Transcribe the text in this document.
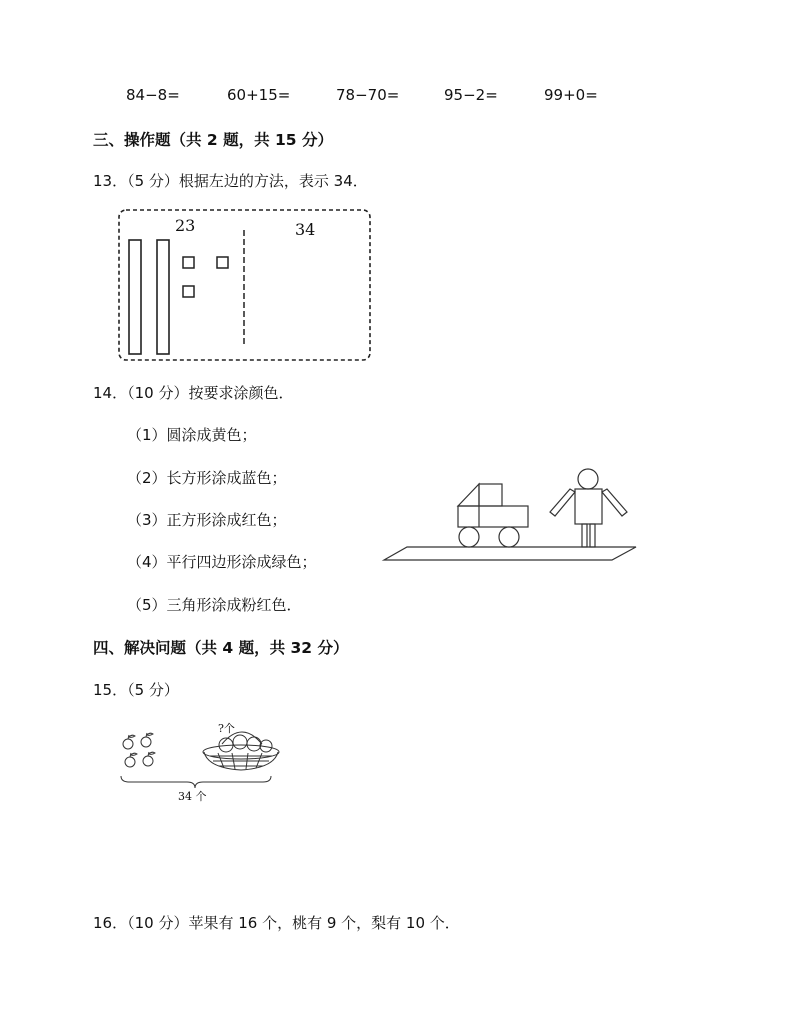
84−8=	60+15=	78−70=	95−2=	99+0=
三、操作题（共 2 题，共 15 分）
13．（5 分）根据左边的方法，表示 34．
23	34
14．（10 分）按要求涂颜色．
（1）圆涂成黄色；
（2）长方形涂成蓝色；
（3）正方形涂成红色；
（4）平行四边形涂成绿色；
（5）三角形涂成粉红色．
四、解决问题（共 4 题，共 32 分）
15．（5 分）
?个
34 个
16．（10 分）苹果有 16 个，桃有 9 个，梨有 10 个．
